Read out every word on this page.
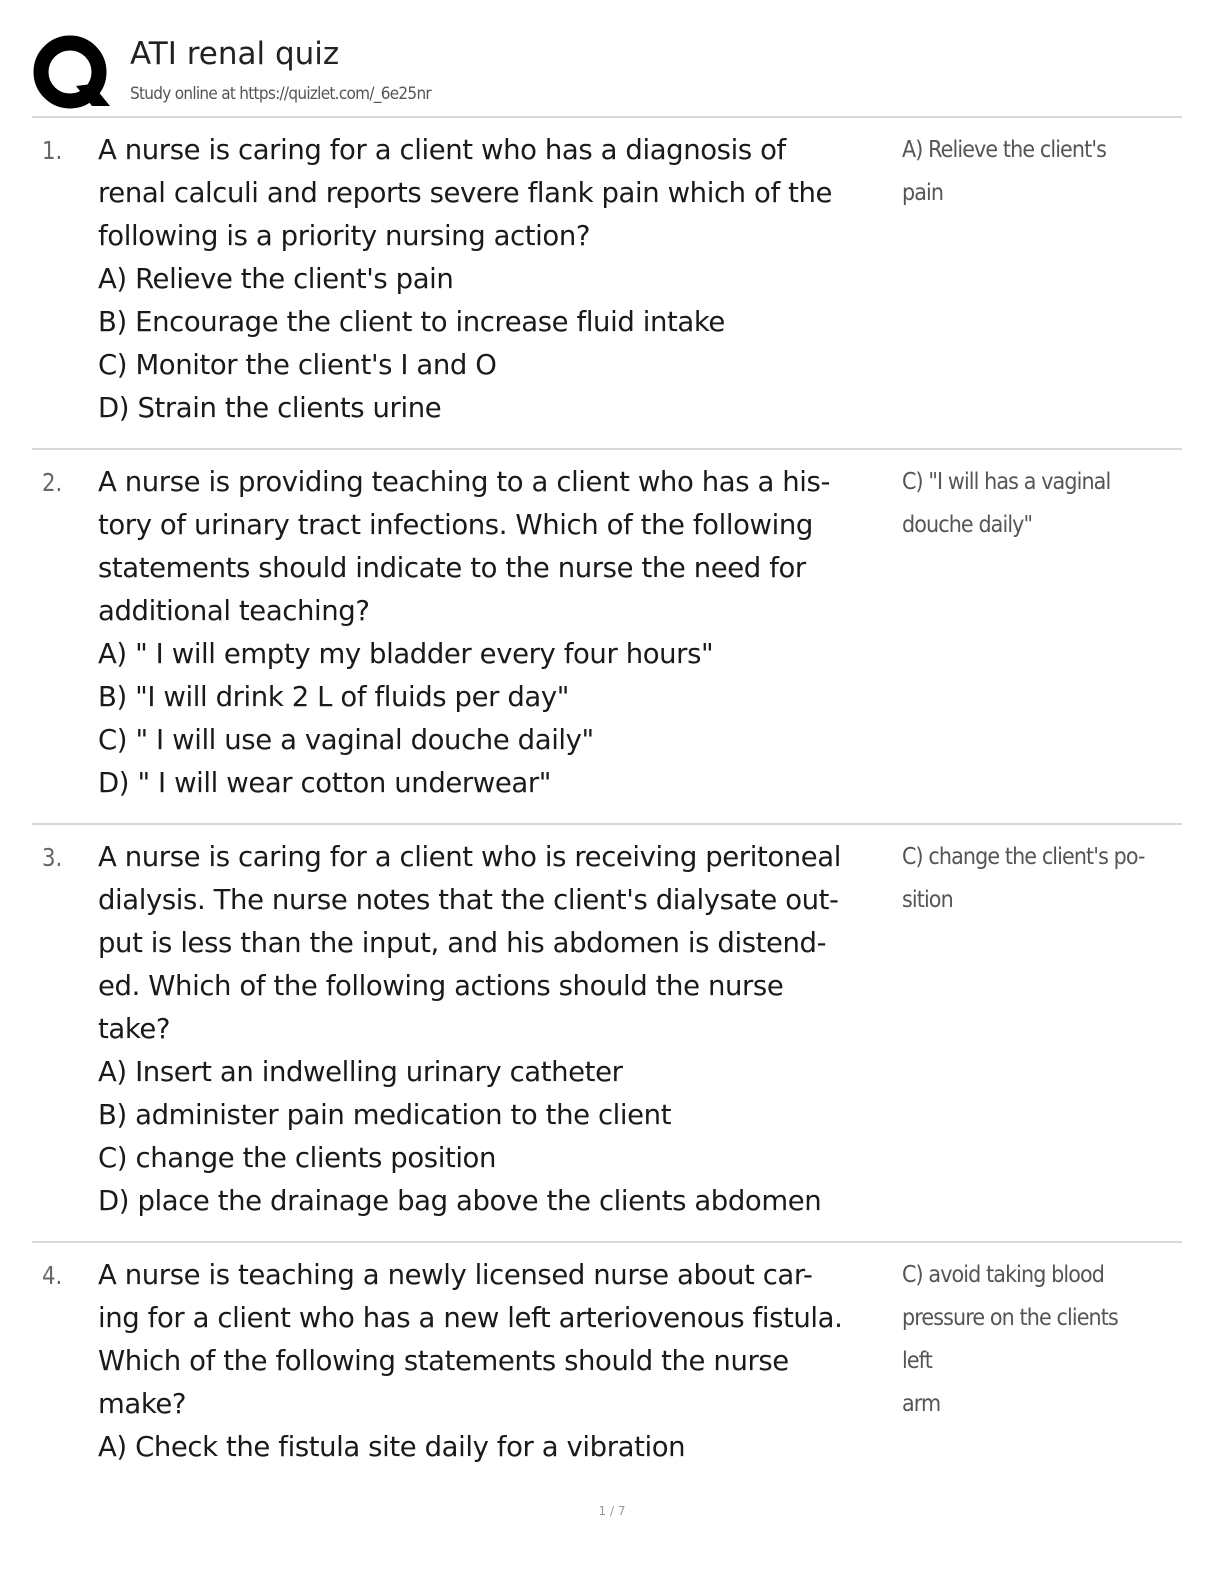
ATI renal quiz
Study online at https://quizlet.com/_6e25nr
1. A nurse is caring for a client who has a diagnosis of

renal calculi and reports severe flank pain which of the

following is a priority nursing action?

A) Relieve the client's pain

B) Encourage the client to increase fluid intake

C) Monitor the client's I and O

D) Strain the clients urine

A) Relieve the client's pain
2. A nurse is providing teaching to a client who has a his-

tory of urinary tract infections. Which of the following

statements should indicate to the nurse the need for

additional teaching?

A) " I will empty my bladder every four hours"

B) "I will drink 2 L of fluids per day"

C) " I will use a vaginal douche daily"

D) " I will wear cotton underwear"

C) "I will has a vaginal
douche daily"
3. A nurse is caring for a client who is receiving peritoneal

dialysis. The nurse notes that the client's dialysate out-

put is less than the input, and his abdomen is distend-

ed. Which of the following actions should the nurse

take?

A) Insert an indwelling urinary catheter

B) administer pain medication to the client

C) change the clients position

D) place the drainage bag above the clients abdomen

C) change the client's po-
sition
4. A nurse is teaching a newly licensed nurse about car-

ing for a client who has a new left arteriovenous fistula.

Which of the following statements should the nurse

make?

A) Check the fistula site daily for a vibration

C) avoid taking blood
pressure on the clients left
arm
1 / 7
